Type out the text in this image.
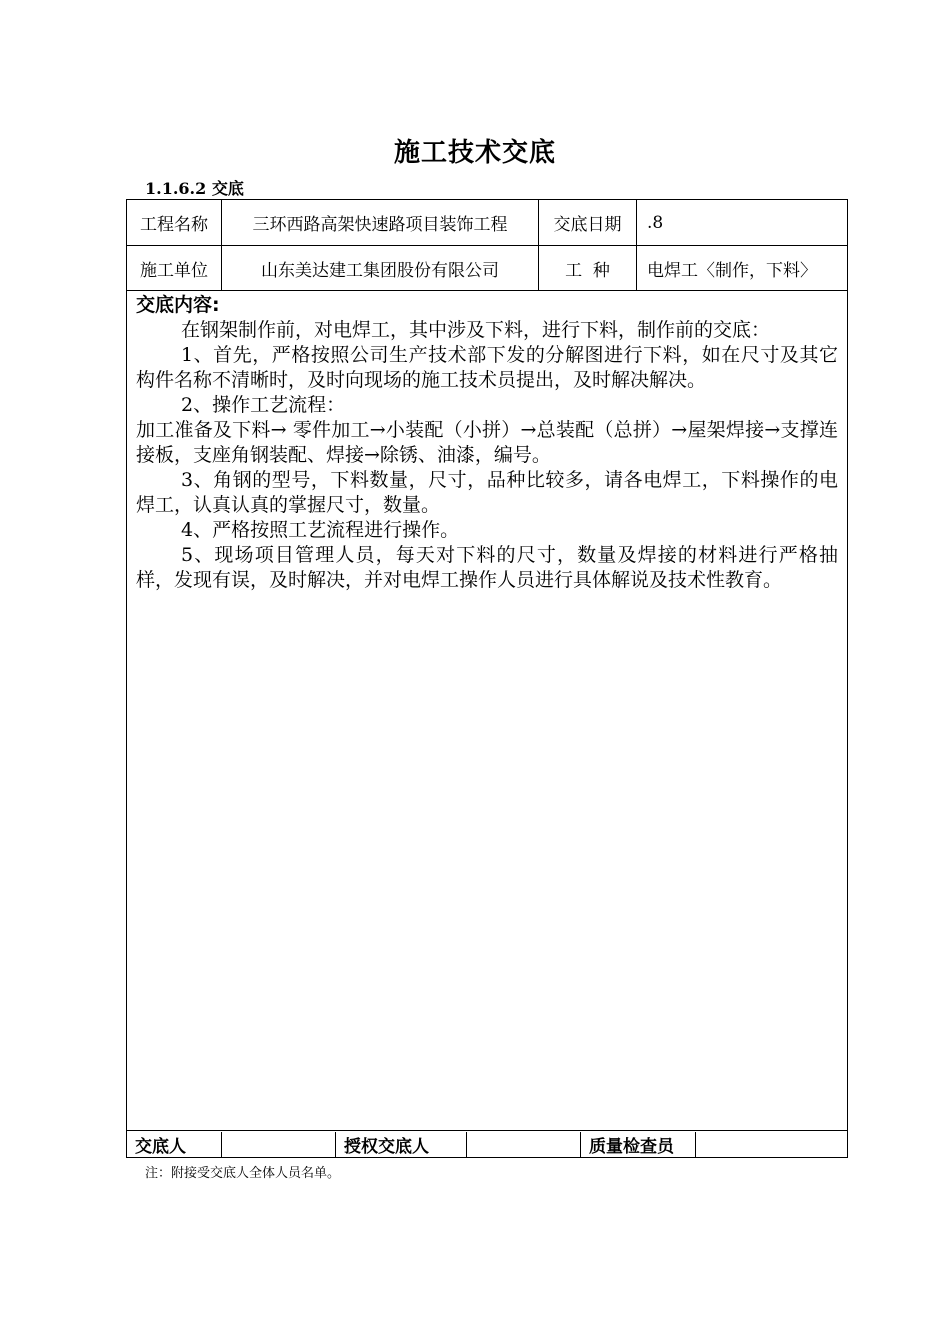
施工技术交底
1.1.6.2 交底
工程名称	三环西路高架快速路项目装饰工程	交底日期	.8
施工单位	山东美达建工集团股份有限公司	工  种	电焊工〈制作，下料〉
交底内容:

在钢架制作前，对电焊工，其中涉及下料，进行下料，制作前的交底：

1、首先，严格按照公司生产技术部下发的分解图进行下料，如在尺寸及其它构件名称不清晰时，及时向现场的施工技术员提出，及时解决解决。

2、操作工艺流程：

加工准备及下料→ 零件加工→小装配（小拼）→总装配（总拼）→屋架焊接→支撑连接板，支座角钢装配、焊接→除锈、油漆，编号。

3、角钢的型号，下料数量，尺寸，品种比较多，请各电焊工，下料操作的电焊工，认真认真的掌握尺寸，数量。

4、严格按照工艺流程进行操作。

5、现场项目管理人员，每天对下料的尺寸，数量及焊接的材料进行严格抽样，发现有误，及时解决，并对电焊工操作人员进行具体解说及技术性教育。

交底人	授权交底人	质量检查员
注：附接受交底人全体人员名单。
